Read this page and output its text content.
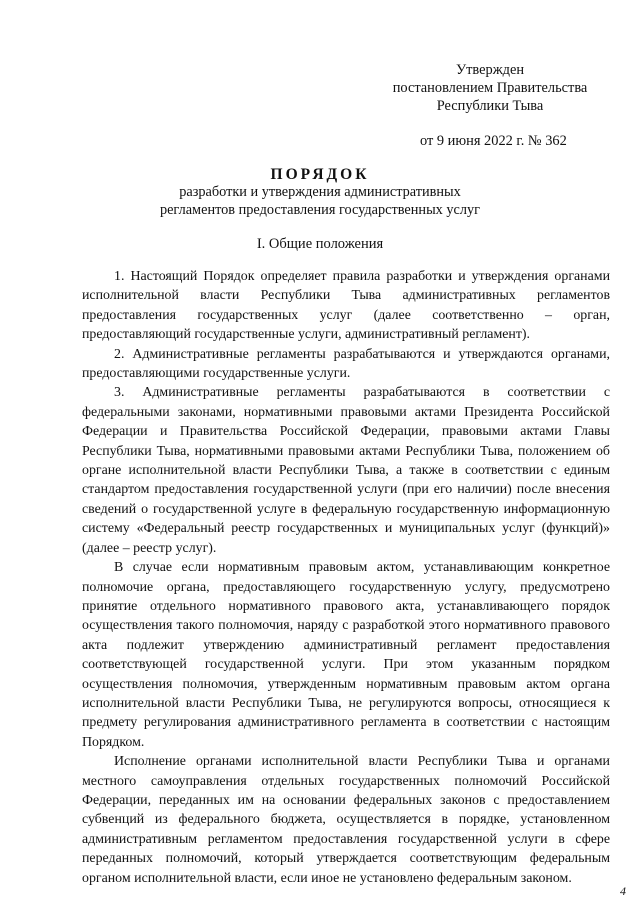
Утвержден
постановлением Правительства
Республики Тыва
от 9 июня 2022 г. № 362
ПОРЯДОК
разработки и утверждения административных
регламентов предоставления государственных услуг
I. Общие положения

1. Настоящий Порядок определяет правила разработки и утверждения органами исполнительной власти Республики Тыва административных регламентов предоставления государственных услуг (далее соответственно – орган, предоставляющий государственные услуги, административный регламент).

2. Административные регламенты разрабатываются и утверждаются органами, предоставляющими государственные услуги.

3. Административные регламенты разрабатываются в соответствии с федеральными законами, нормативными правовыми актами Президента Российской Федерации и Правительства Российской Федерации, правовыми актами Главы Республики Тыва, нормативными правовыми актами Республики Тыва, положением об органе исполнительной власти Республики Тыва, а также в соответствии с единым стандартом предоставления государственной услуги (при его наличии) после внесения сведений о государственной услуге в федеральную государственную информационную систему «Федеральный реестр государственных и муниципальных услуг (функций)» (далее – реестр услуг).

В случае если нормативным правовым актом, устанавливающим конкретное полномочие органа, предоставляющего государственную услугу, предусмотрено принятие отдельного нормативного правового акта, устанавливающего порядок осуществления такого полномочия, наряду с разработкой этого нормативного правового акта подлежит утверждению административный регламент предоставления соответствующей государственной услуги. При этом указанным порядком осуществления полномочия, утвержденным нормативным правовым актом органа исполнительной власти Республики Тыва, не регулируются вопросы, относящиеся к предмету регулирования административного регламента в соответствии с настоящим Порядком.

Исполнение органами исполнительной власти Республики Тыва и органами местного самоуправления отдельных государственных полномочий Российской Федерации, переданных им на основании федеральных законов с предоставлением субвенций из федерального бюджета, осуществляется в порядке, установленном административным регламентом предоставления государственной услуги в сфере переданных полномочий, который утверждается соответствующим федеральным органом исполнительной власти, если иное не установлено федеральным законом.

4
